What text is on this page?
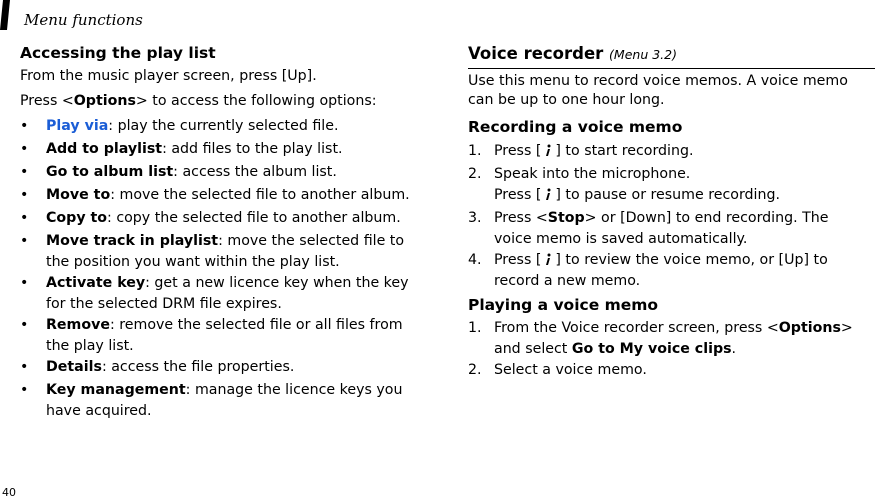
Menu functions
Accessing the play list
From the music player screen, press [Up].
Press <Options> to access the following options:
• Play via: play the currently selected file.
• Add to playlist: add files to the play list.
• Go to album list: access the album list.
• Move to: move the selected file to another album.
• Copy to: copy the selected file to another album.
• Move track in playlist: move the selected file to
the position you want within the play list.
• Activate key: get a new licence key when the key
for the selected DRM file expires.
• Remove: remove the selected file or all files from
the play list.
• Details: access the file properties.
• Key management: manage the licence keys you
have acquired.
Voice recorder (Menu 3.2)
Use this menu to record voice memos. A voice memo
can be up to one hour long.
Recording a voice memo
1. Press [ ] to start recording.
2. Speak into the microphone.
Press [ ] to pause or resume recording.
3. Press <Stop> or [Down] to end recording. The
voice memo is saved automatically.
4. Press [ ] to review the voice memo, or [Up] to
record a new memo.
Playing a voice memo
1. From the Voice recorder screen, press <Options>
and select Go to My voice clips.
2. Select a voice memo.
40
